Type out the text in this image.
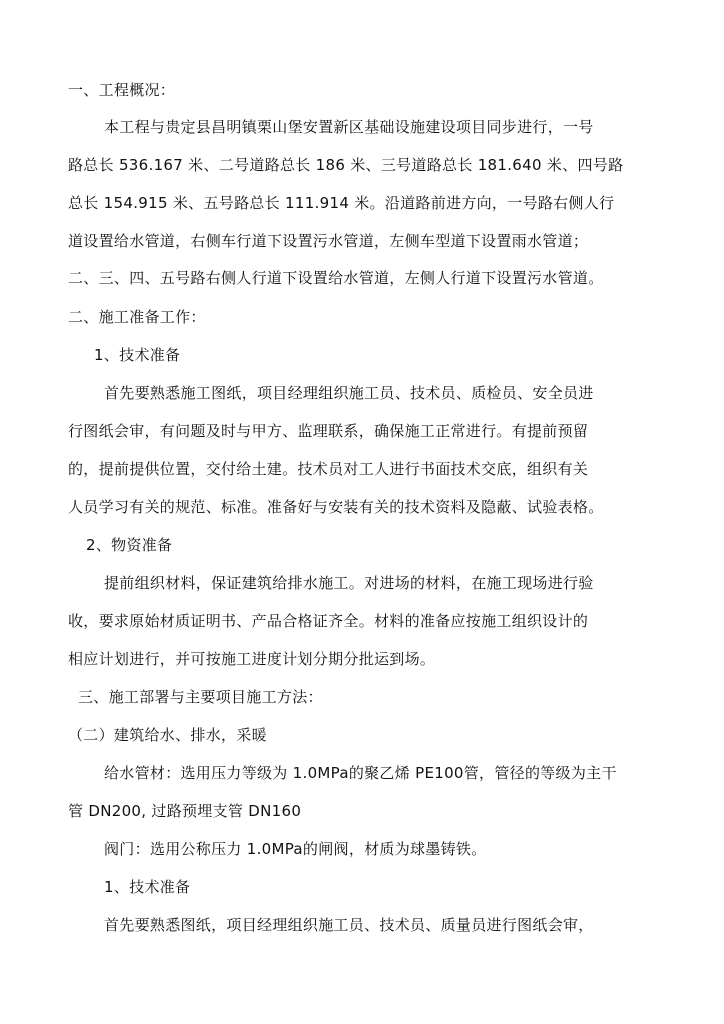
一、工程概况：
本工程与贵定县昌明镇栗山堡安置新区基础设施建设项目同步进行，一号
路总长 536.167 米、二号道路总长 186 米、三号道路总长 181.640 米、四号路
总长 154.915 米、五号路总长 111.914 米。沿道路前进方向，一号路右侧人行
道设置给水管道，右侧车行道下设置污水管道，左侧车型道下设置雨水管道；
二、三、四、五号路右侧人行道下设置给水管道，左侧人行道下设置污水管道。
二、施工准备工作：
1、技术准备
首先要熟悉施工图纸，项目经理组织施工员、技术员、质检员、安全员进
行图纸会审，有问题及时与甲方、监理联系，确保施工正常进行。有提前预留
的，提前提供位置，交付给土建。技术员对工人进行书面技术交底，组织有关
人员学习有关的规范、标准。准备好与安装有关的技术资料及隐蔽、试验表格。
2、物资准备
提前组织材料，保证建筑给排水施工。对进场的材料，在施工现场进行验
收，要求原始材质证明书、产品合格证齐全。材料的准备应按施工组织设计的
相应计划进行，并可按施工进度计划分期分批运到场。
三、施工部署与主要项目施工方法：
（二）建筑给水、排水，采暖
给水管材：选用压力等级为 1.0MPa的聚乙烯 PE100管，管径的等级为主干
管 DN200, 过路预埋支管 DN160
阀门：选用公称压力 1.0MPa的闸阀，材质为球墨铸铁。
1、技术准备
首先要熟悉图纸，项目经理组织施工员、技术员、质量员进行图纸会审，
